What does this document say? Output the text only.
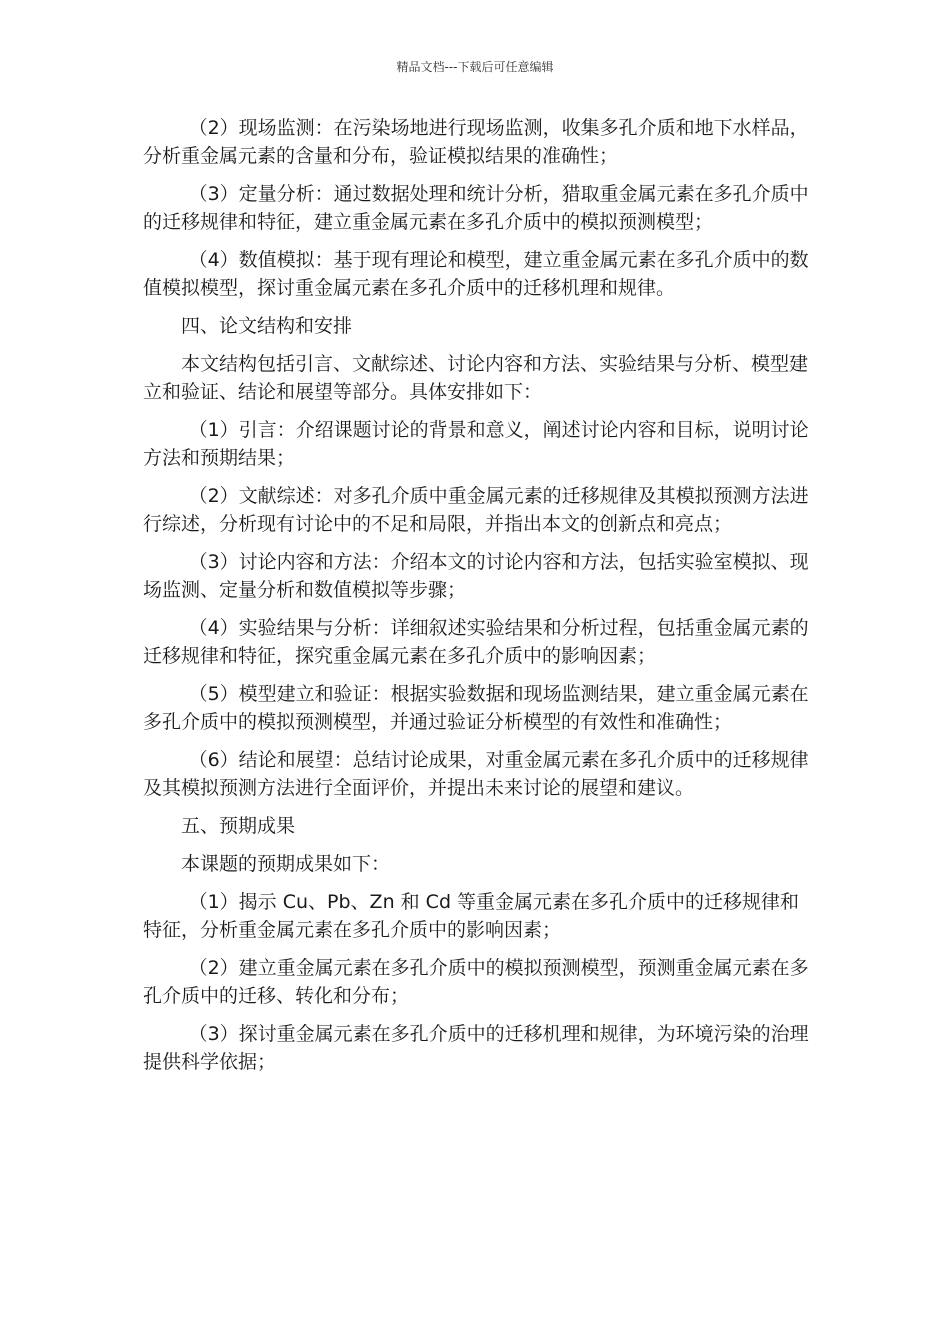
精品文档---下载后可任意编辑

（2）现场监测：在污染场地进行现场监测，收集多孔介质和地下水样品，分析重金属元素的含量和分布，验证模拟结果的准确性；

（3）定量分析：通过数据处理和统计分析，猎取重金属元素在多孔介质中的迁移规律和特征，建立重金属元素在多孔介质中的模拟预测模型；

（4）数值模拟：基于现有理论和模型，建立重金属元素在多孔介质中的数值模拟模型，探讨重金属元素在多孔介质中的迁移机理和规律。

四、论文结构和安排

本文结构包括引言、文献综述、讨论内容和方法、实验结果与分析、模型建立和验证、结论和展望等部分。具体安排如下：

（1）引言：介绍课题讨论的背景和意义，阐述讨论内容和目标，说明讨论方法和预期结果；

（2）文献综述：对多孔介质中重金属元素的迁移规律及其模拟预测方法进行综述，分析现有讨论中的不足和局限，并指出本文的创新点和亮点；

（3）讨论内容和方法：介绍本文的讨论内容和方法，包括实验室模拟、现场监测、定量分析和数值模拟等步骤；

（4）实验结果与分析：详细叙述实验结果和分析过程，包括重金属元素的迁移规律和特征，探究重金属元素在多孔介质中的影响因素；

（5）模型建立和验证：根据实验数据和现场监测结果，建立重金属元素在多孔介质中的模拟预测模型，并通过验证分析模型的有效性和准确性；

（6）结论和展望：总结讨论成果，对重金属元素在多孔介质中的迁移规律及其模拟预测方法进行全面评价，并提出未来讨论的展望和建议。

五、预期成果

本课题的预期成果如下：

（1）揭示 Cu、Pb、Zn 和 Cd 等重金属元素在多孔介质中的迁移规律和特征，分析重金属元素在多孔介质中的影响因素；

（2）建立重金属元素在多孔介质中的模拟预测模型，预测重金属元素在多孔介质中的迁移、转化和分布；

（3）探讨重金属元素在多孔介质中的迁移机理和规律，为环境污染的治理提供科学依据；
